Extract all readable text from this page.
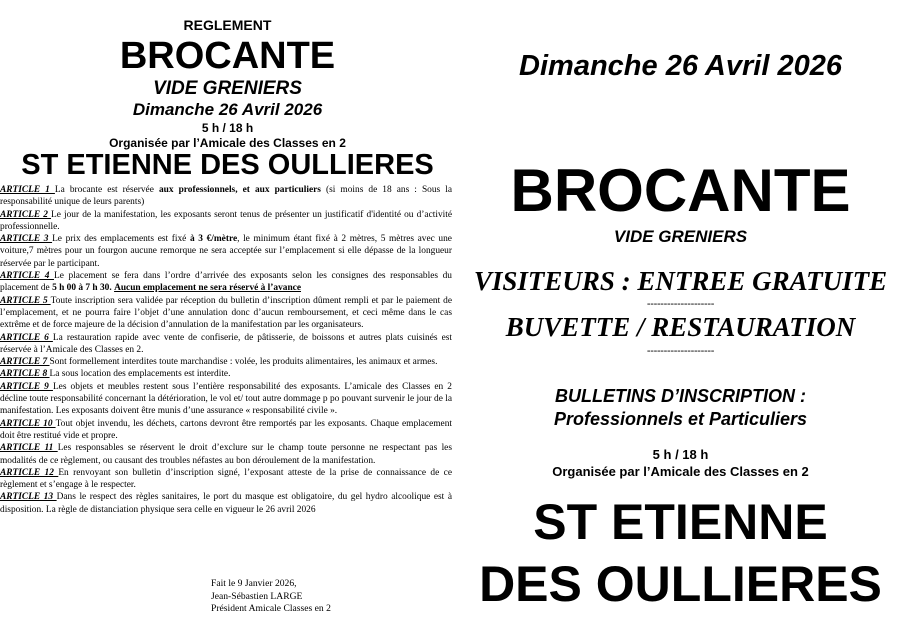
REGLEMENT
BROCANTE
VIDE GRENIERS
Dimanche 26 Avril 2026
5 h / 18 h
Organisée par l’Amicale des Classes en 2
ST ETIENNE DES OULLIERES

ARTICLE 1 La brocante est réservée aux professionnels, et aux particuliers (si moins de 18 ans : Sous la responsabilité unique de leurs parents)

ARTICLE 2 Le jour de la manifestation, les exposants seront tenus de présenter un justificatif d'identité ou d’activité professionnelle.

ARTICLE 3 Le prix des emplacements est fixé à 3 €/mètre, le minimum étant fixé à 2 mètres, 5 mètres avec une voiture,7 mètres pour un fourgon aucune remorque ne sera acceptée sur l’emplacement si elle dépasse de la longueur réservée par le participant.

ARTICLE 4 Le placement se fera dans l’ordre d’arrivée des exposants selon les consignes des responsables du placement de 5 h 00 à 7 h 30. Aucun emplacement ne sera réservé à l’avance

ARTICLE 5 Toute inscription sera validée par réception du bulletin d’inscription dûment rempli et par le paiement de l’emplacement, et ne pourra faire l’objet d’une annulation donc d’aucun remboursement, et ceci même dans le cas extrême et de force majeure de la décision d’annulation de la manifestation par les organisateurs.

ARTICLE 6 La restauration rapide avec vente de confiserie, de pâtisserie, de boissons et autres plats cuisinés est réservée à l’Amicale des Classes en 2.

ARTICLE 7 Sont formellement interdites toute marchandise : volée, les produits alimentaires, les animaux et armes.

ARTICLE 8 La sous location des emplacements est interdite.

ARTICLE 9 Les objets et meubles restent sous l’entière responsabilité des exposants. L’amicale des Classes en 2 décline toute responsabilité concernant la détérioration, le vol et/ tout autre dommage p po pouvant survenir le jour de la manifestation. Les exposants doivent être munis d’une assurance « responsabilité civile ».

ARTICLE 10 Tout objet invendu, les déchets, cartons devront être remportés par les exposants. Chaque emplacement doit être restitué vide et propre.

ARTICLE 11 Les responsables se réservent le droit d’exclure sur le champ toute personne ne respectant pas les modalités de ce règlement, ou causant des troubles néfastes au bon déroulement de la manifestation.

ARTICLE 12 En renvoyant son bulletin d’inscription signé, l’exposant atteste de la prise de connaissance de ce règlement et s’engage à le respecter.

ARTICLE 13 Dans le respect des règles sanitaires, le port du masque est obligatoire, du gel hydro alcoolique est à disposition. La règle de distanciation physique sera celle en vigueur le 26 avril 2026

Fait le 9 Janvier 2026,
Jean-Sébastien LARGE
Président Amicale Classes en 2
Dimanche 26 Avril 2026
BROCANTE
VIDE GRENIERS
VISITEURS : ENTREE GRATUITE
--------------------
BUVETTE / RESTAURATION
--------------------
BULLETINS D’INSCRIPTION :
Professionnels et Particuliers
5 h / 18 h
Organisée par l’Amicale des Classes en 2
ST ETIENNE
DES OULLIERES
